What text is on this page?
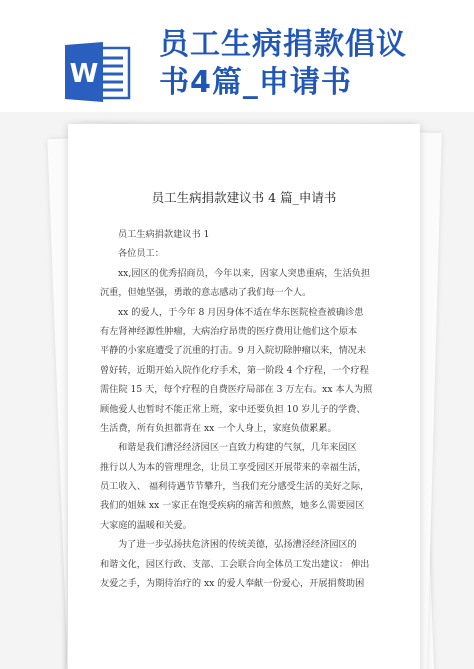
W
员工生病捐款倡议
书4篇_申请书
员工生病捐款建议书 4 篇_申请书
员工生病捐款建议书 1
各位员工：
xx,园区的优秀招商员，今年以来，因家人突患重病，生活负担
沉重，但她坚强，勇敢的意志感动了我们每一个人。
xx 的爱人，于今年 8 月因身体不适在华东医院检查被确诊患
有左肾神经源性肿瘤，大病治疗昂贵的医疗费用让他们这个原本
平静的小家庭遭受了沉重的打击。9 月入院切除肿瘤以来，情况未
曾好转，近期开始入院作化疗手术，第一阶段 4 个疗程，一个疗程
需住院 15 天，每个疗程的自费医疗局部在 3 万左右。xx 本人为照
顾他爱人也暂时不能正常上班，家中还要负担 10 岁儿子的学费、
生活费，所有负担都背在 xx 一个人身上，家庭负债累累。
和谐是我们漕泾经济园区一直致力构建的气氛，几年来园区
推行以人为本的管理理念，让员工享受园区开展带来的幸福生活，
员工收入、 福利待遇节节攀升，当我们充分感受生活的美好之际，
我们的姐妹 xx 一家正在饱受疾病的痛苦和煎熬，她多么需要园区
大家庭的温暖和关爱。
为了进一步弘扬扶危济困的传统美德，弘扬漕泾经济园区的
和谐文化，园区行政、支部、工会联合向全体员工发出建议： 伸出
友爱之手，为期待治疗的 xx 的爱人奉献一份爱心，开展捐赘助困
